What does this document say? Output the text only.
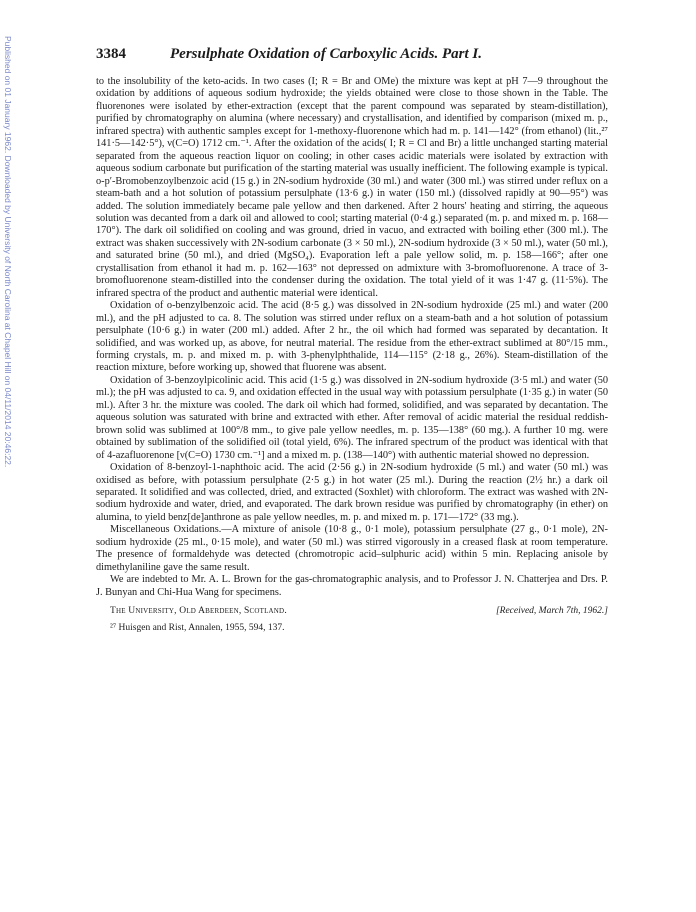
Published on 01 January 1962. Downloaded by University of North Carolina at Chapel Hill on 04/11/2014 20:46:22.	3384	Persulphate Oxidation of Carboxylic Acids. Part I.

to the insolubility of the keto-acids. In two cases (I; R = Br and OMe) the mixture was kept at pH 7—9 throughout the oxidation by additions of aqueous sodium hydroxide; the yields obtained were close to those shown in the Table. The fluorenones were isolated by ether-extraction (except that the parent compound was separated by steam-distillation), purified by chromatography on alumina (where necessary) and crystallisation, and identified by comparison (mixed m. p., infrared spectra) with authentic samples except for 1-methoxy-fluorenone which had m. p. 141—142° (from ethanol) (lit.,²⁷ 141·5—142·5°), ν(C=O) 1712 cm.⁻¹. After the oxidation of the acids( I; R = Cl and Br) a little unchanged starting material separated from the aqueous reaction liquor on cooling; in other cases acidic materials were isolated by extraction with aqueous sodium carbonate but purification of the starting material was usually inefficient. The following example is typical. o-p′-Bromobenzoylbenzoic acid (15 g.) in 2N-sodium hydroxide (30 ml.) and water (300 ml.) was stirred under reflux on a steam-bath and a hot solution of potassium persulphate (13·6 g.) in water (150 ml.) (dissolved rapidly at 90—95°) was added. The solution immediately became pale yellow and then darkened. After 2 hours' heating and stirring, the aqueous solution was decanted from a dark oil and allowed to cool; starting material (0·4 g.) separated (m. p. and mixed m. p. 168—170°). The dark oil solidified on cooling and was ground, dried in vacuo, and extracted with boiling ether (300 ml.). The extract was shaken successively with 2N-sodium carbonate (3 × 50 ml.), 2N-sodium hydroxide (3 × 50 ml.), water (50 ml.), and saturated brine (50 ml.), and dried (MgSO₄). Evaporation left a pale yellow solid, m. p. 158—166°; after one crystallisation from ethanol it had m. p. 162—163° not depressed on admixture with 3-bromofluorenone. A trace of 3-bromofluorenone steam-distilled into the condenser during the oxidation. The total yield of it was 1·47 g. (11·5%). The infrared spectra of the product and authentic material were identical.

Oxidation of o-benzylbenzoic acid. The acid (8·5 g.) was dissolved in 2N-sodium hydroxide (25 ml.) and water (200 ml.), and the pH adjusted to ca. 8. The solution was stirred under reflux on a steam-bath and a hot solution of potassium persulphate (10·6 g.) in water (200 ml.) added. After 2 hr., the oil which had formed was separated by decantation. It solidified, and was worked up, as above, for neutral material. The residue from the ether-extract sublimed at 80°/15 mm., forming crystals, m. p. and mixed m. p. with 3-phenylphthalide, 114—115° (2·18 g., 26%). Steam-distillation of the reaction mixture, before working up, showed that fluorene was absent.

Oxidation of 3-benzoylpicolinic acid. This acid (1·5 g.) was dissolved in 2N-sodium hydroxide (3·5 ml.) and water (50 ml.); the pH was adjusted to ca. 9, and oxidation effected in the usual way with potassium persulphate (1·35 g.) in water (50 ml.). After 3 hr. the mixture was cooled. The dark oil which had formed, solidified, and was separated by decantation. The aqueous solution was saturated with brine and extracted with ether. After removal of acidic material the residual reddish-brown solid was sublimed at 100°/8 mm., to give pale yellow needles, m. p. 135—138° (60 mg.). A further 10 mg. were obtained by sublimation of the solidified oil (total yield, 6%). The infrared spectrum of the product was identical with that of 4-azafluorenone [ν(C=O) 1730 cm.⁻¹] and a mixed m. p. (138—140°) with authentic material showed no depression.

Oxidation of 8-benzoyl-1-naphthoic acid. The acid (2·56 g.) in 2N-sodium hydroxide (5 ml.) and water (50 ml.) was oxidised as before, with potassium persulphate (2·5 g.) in hot water (25 ml.). During the reaction (2½ hr.) a dark oil separated. It solidified and was collected, dried, and extracted (Soxhlet) with chloroform. The extract was washed with 2N-sodium hydroxide and water, dried, and evaporated. The dark brown residue was purified by chromatography (in ether) on alumina, to yield benz[de]anthrone as pale yellow needles, m. p. and mixed m. p. 171—172° (33 mg.).

Miscellaneous Oxidations.—A mixture of anisole (10·8 g., 0·1 mole), potassium persulphate (27 g., 0·1 mole), 2N-sodium hydroxide (25 ml., 0·15 mole), and water (50 ml.) was stirred vigorously in a creased flask at room temperature. The presence of formaldehyde was detected (chromotropic acid–sulphuric acid) within 5 min. Replacing anisole by dimethylaniline gave the same result.

We are indebted to Mr. A. L. Brown for the gas-chromatographic analysis, and to Professor J. N. Chatterjea and Drs. P. J. Bunyan and Chi-Hua Wang for specimens.

The University, Old Aberdeen, Scotland.	[Received, March 7th, 1962.]
²⁷ Huisgen and Rist, Annalen, 1955, 594, 137.
